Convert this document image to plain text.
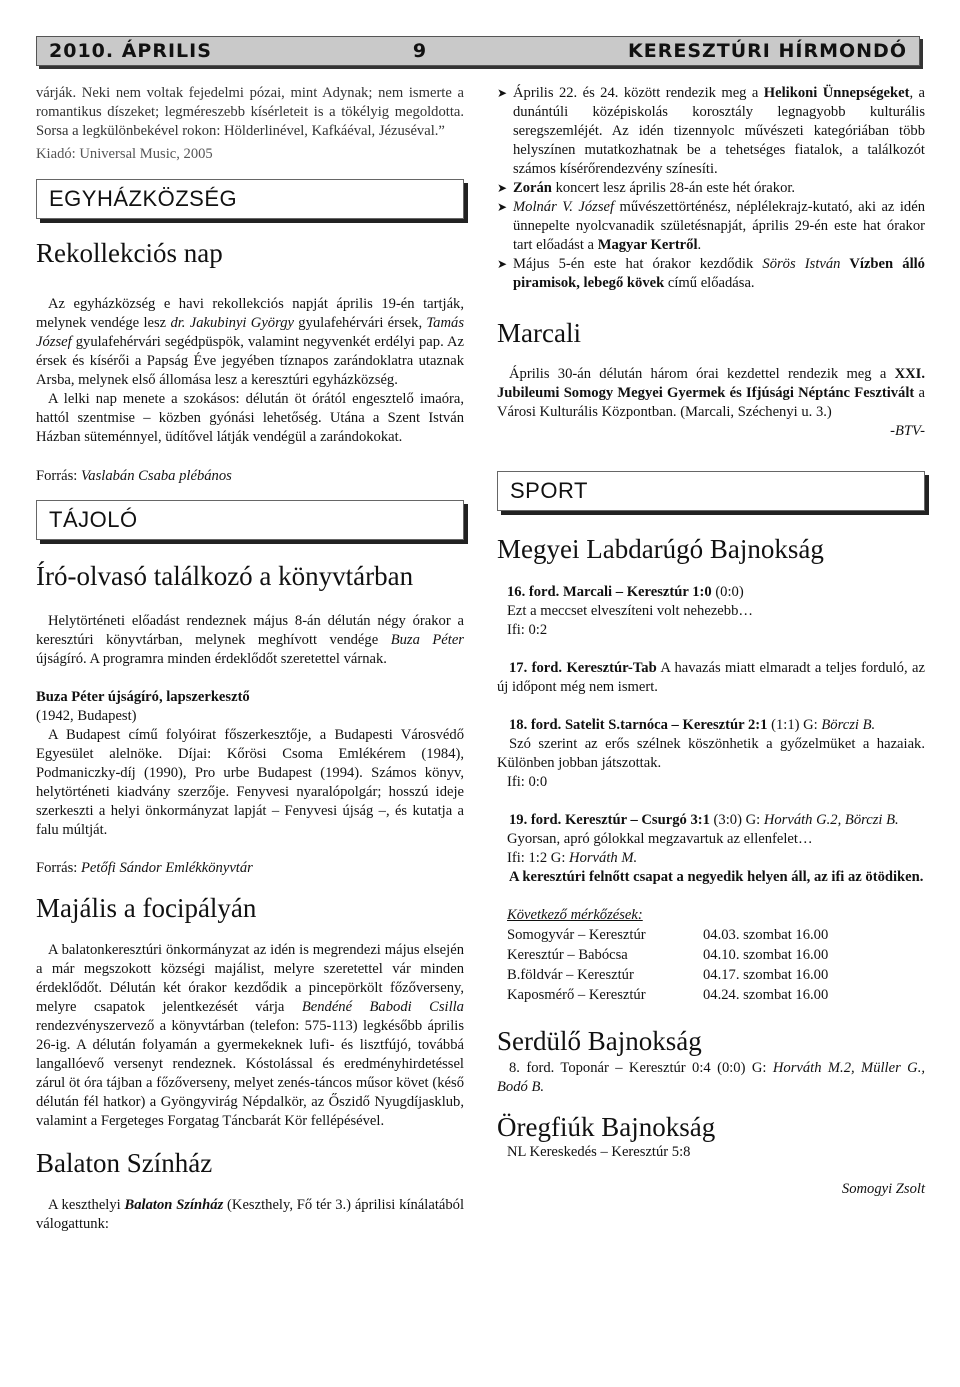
2010. ÁPRILIS	9	KERESZTÚRI HÍRMONDÓ

várják. Neki nem voltak fejedelmi pózai, mint Adynak; nem ismerte a romantikus díszeket; legméreszebb kísérleteit is a tökélyig megoldotta. Sorsa a legkülönbekével rokon: Hölderlinével, Kafkáéval, Jézuséval.”

Kiadó: Universal Music, 2005

EGYHÁZKÖZSÉG
Rekollekciós nap

Az egyházközség e havi rekollekciós napját április 19-én tartják, melynek vendége lesz dr. Jakubinyi György gyulafehérvári érsek, Tamás József gyulafehérvári segédpüspök, valamint negyvenkét erdélyi pap. Az érsek és kísérői a Papság Éve jegyében tíznapos zarándoklatra utaznak Arsba, melynek első állomása lesz a keresztúri egyházközség.

A lelki nap menete a szokásos: délután öt órától engesztelő imaóra, hattól szentmise – közben gyónási lehetőség. Utána a Szent István Házban süteménnyel, üdítővel látják vendégül a zarándokokat.

Forrás: Vaslabán Csaba plébános

TÁJOLÓ
Író-olvasó találkozó a könyvtárban

Helytörténeti előadást rendeznek május 8-án délután négy órakor a keresztúri könyvtárban, melynek meghívott vendége Buza Péter újságíró. A programra minden érdeklődőt szeretettel várnak.

Buza Péter újságíró, lapszerkesztő

(1942, Budapest)

A Budapest című folyóirat főszerkesztője, a Budapesti Városvédő Egyesület alelnöke. Díjai: Kőrösi Csoma Emlékérem (1984), Podmaniczky-díj (1990), Pro urbe Budapest (1994). Számos könyv, helytörténeti kiadvány szerzője. Fenyvesi nyaralópolgár; hosszú ideje szerkeszti a helyi önkormányzat lapját – Fenyvesi újság –, és kutatja a falu múltját.

Forrás: Petőfi Sándor Emlékkönyvtár

Majális a focipályán

A balatonkeresztúri önkormányzat az idén is megrendezi május elsején a már megszokott községi majálist, melyre szeretettel vár minden érdeklődőt. Délután két órakor kezdődik a pincepörkölt főzőverseny, melyre csapatok jelentkezését várja Bendéné Babodi Csilla rendezvényszervező a könyvtárban (telefon: 575-113) legkésőbb április 26-ig. A délután folyamán a gyermekeknek lufi- és lisztfújó, továbbá langallóevő versenyt rendeznek. Kóstolással és eredményhirdetéssel zárul öt óra tájban a főzőverseny, melyet zenés-táncos műsor követ (késő délután fél hatkor) a Gyöngyvirág Népdalkör, az Őszidő Nyugdíjasklub, valamint a Fergeteges Forgatag Táncbarát Kör fellépésével.

Balaton Színház

A keszthelyi Balaton Színház (Keszthely, Fő tér 3.) áprilisi kínálatából válogattunk:

➤ Április 22. és 24. között rendezik meg a Helikoni Ünnepségeket, a dunántúli középiskolás korosztály legnagyobb kulturális seregszemléjét. Az idén tizennyolc művészeti kategóriában több helyszínen mutatkozhatnak be a tehetséges fiatalok, a találkozót számos kísérőrendezvény színesíti.

➤ Zorán koncert lesz április 28-án este hét órakor.

➤ Molnár V. József művészettörténész, néplélekrajz-kutató, aki az idén ünnepelte nyolcvanadik születésnapját, április 29-én este hat órakor tart előadást a Magyar Kertről.

➤ Május 5-én este hat órakor kezdődik Sörös István Vízben álló piramisok, lebegő kövek című előadása.

Marcali

Április 30-án délután három órai kezdettel rendezik meg a XXI. Jubileumi Somogy Megyei Gyermek és Ifjúsági Néptánc Fesztivált a Városi Kulturális Központban. (Marcali, Széchenyi u. 3.)

-BTV-

SPORT
Megyei Labdarúgó Bajnokság

16. ford. Marcali – Keresztúr 1:0 (0:0)

Ezt a meccset elveszíteni volt nehezebb…

Ifi: 0:2

17. ford. Keresztúr-Tab A havazás miatt elmaradt a teljes forduló, az új időpont még nem ismert.

18. ford. Satelit S.tarnóca – Keresztúr 2:1 (1:1) G: Börczi B.

Szó szerint az erős szélnek köszönhetik a győzelmüket a hazaiak. Különben jobban játszottak.

Ifi: 0:0

19. ford. Keresztúr – Csurgó 3:1 (3:0) G: Horváth G.2, Börczi B.

Gyorsan, apró gólokkal megzavartuk az ellenfelet…

Ifi: 1:2 G: Horváth M.

A keresztúri felnőtt csapat a negyedik helyen áll, az ifi az ötödiken.

Következő mérkőzések:

Somogyvár – Keresztúr	04.03. szombat 16.00
Keresztúr – Babócsa	04.10. szombat 16.00
B.földvár – Keresztúr	04.17. szombat 16.00
Kaposmérő – Keresztúr	04.24. szombat 16.00
Serdülő Bajnokság

8. ford. Toponár – Keresztúr 0:4 (0:0) G: Horváth M.2, Müller G., Bodó B.

Öregfiúk Bajnokság

NL Kereskedés – Keresztúr 5:8

Somogyi Zsolt
